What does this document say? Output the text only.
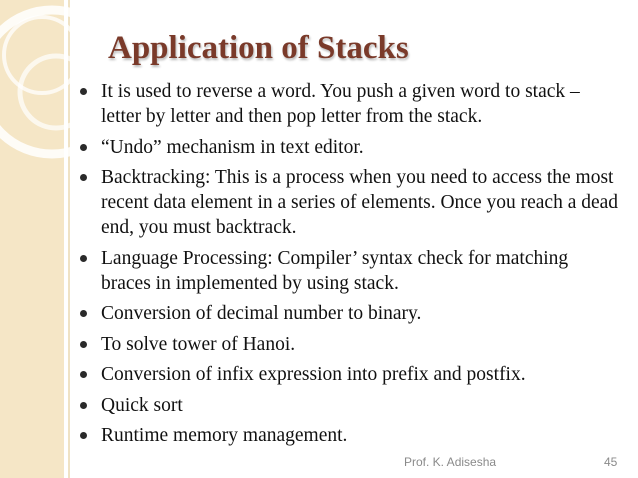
Application of Stacks
It is used to reverse a word. You push a given word to stack – letter by letter and then pop letter from the stack.
“Undo” mechanism in text editor.
Backtracking: This is a process when you need to access the most recent data element in a series of elements. Once you reach a dead end, you must backtrack.
Language Processing: Compiler’ syntax check for matching braces in implemented by using stack.
Conversion of decimal number to binary.
To solve tower of Hanoi.
Conversion of infix expression into prefix and postfix.
Quick sort
Runtime memory management.
Prof. K. Adisesha	45
